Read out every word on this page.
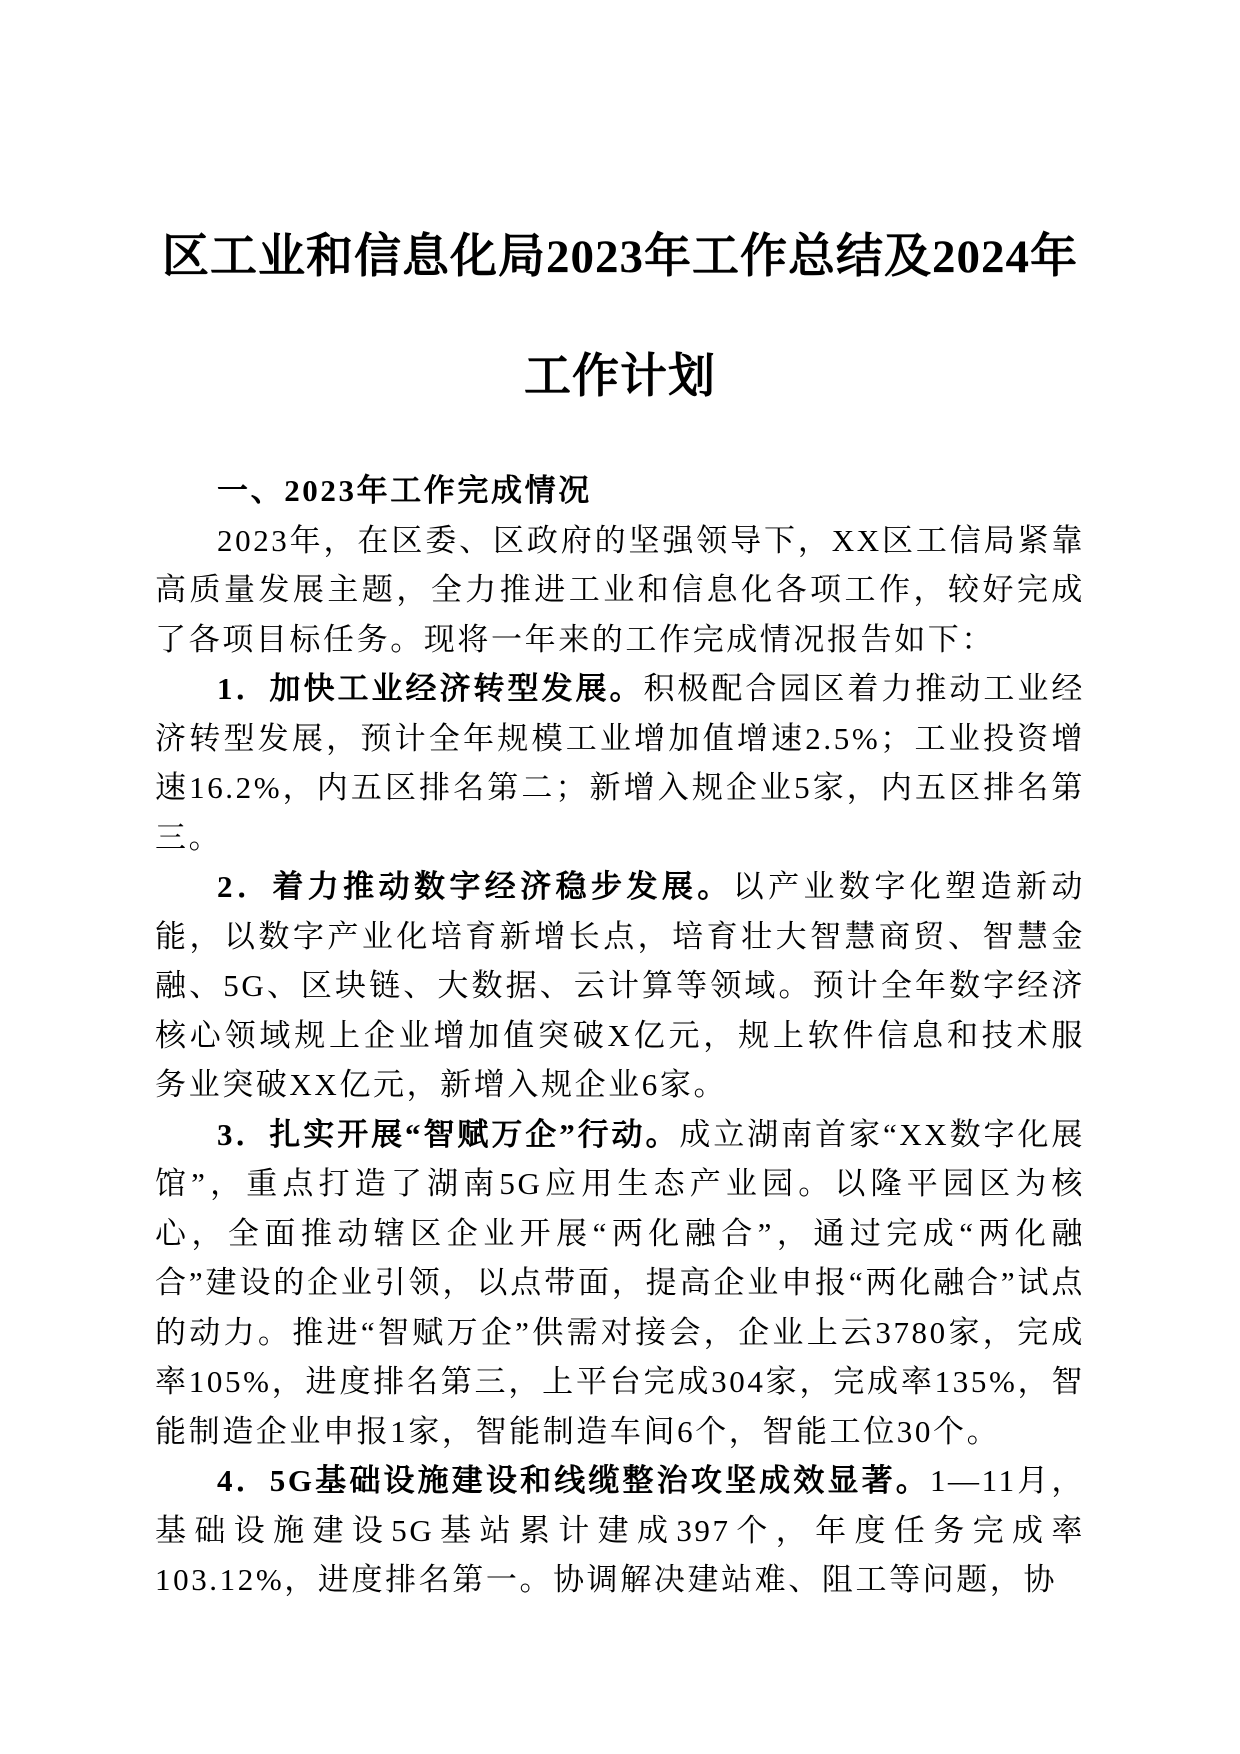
区工业和信息化局2023年工作总结及2024年
工作计划

一、2023年工作完成情况

2023年，在区委、区政府的坚强领导下，XX区工信局紧靠高质量发展主题，全力推进工业和信息化各项工作，较好完成了各项目标任务。现将一年来的工作完成情况报告如下：

1．加快工业经济转型发展。积极配合园区着力推动工业经济转型发展，预计全年规模工业增加值增速2.5%；工业投资增速16.2%，内五区排名第二；新增入规企业5家，内五区排名第三。

2．着力推动数字经济稳步发展。以产业数字化塑造新动能，以数字产业化培育新增长点，培育壮大智慧商贸、智慧金融、5G、区块链、大数据、云计算等领域。预计全年数字经济核心领域规上企业增加值突破X亿元，规上软件信息和技术服务业突破XX亿元，新增入规企业6家。

3．扎实开展“智赋万企”行动。成立湖南首家“XX数字化展馆”，重点打造了湖南5G应用生态产业园。以隆平园区为核心，全面推动辖区企业开展“两化融合”，通过完成“两化融合”建设的企业引领，以点带面，提高企业申报“两化融合”试点的动力。推进“智赋万企”供需对接会，企业上云3780家，完成率105%，进度排名第三，上平台完成304家，完成率135%，智能制造企业申报1家，智能制造车间6个，智能工位30个。

4．5G基础设施建设和线缆整治攻坚成效显著。1—11月，基础设施建设5G基站累计建成397个，年度任务完成率103.12%，进度排名第一。协调解决建站难、阻工等问题，协
